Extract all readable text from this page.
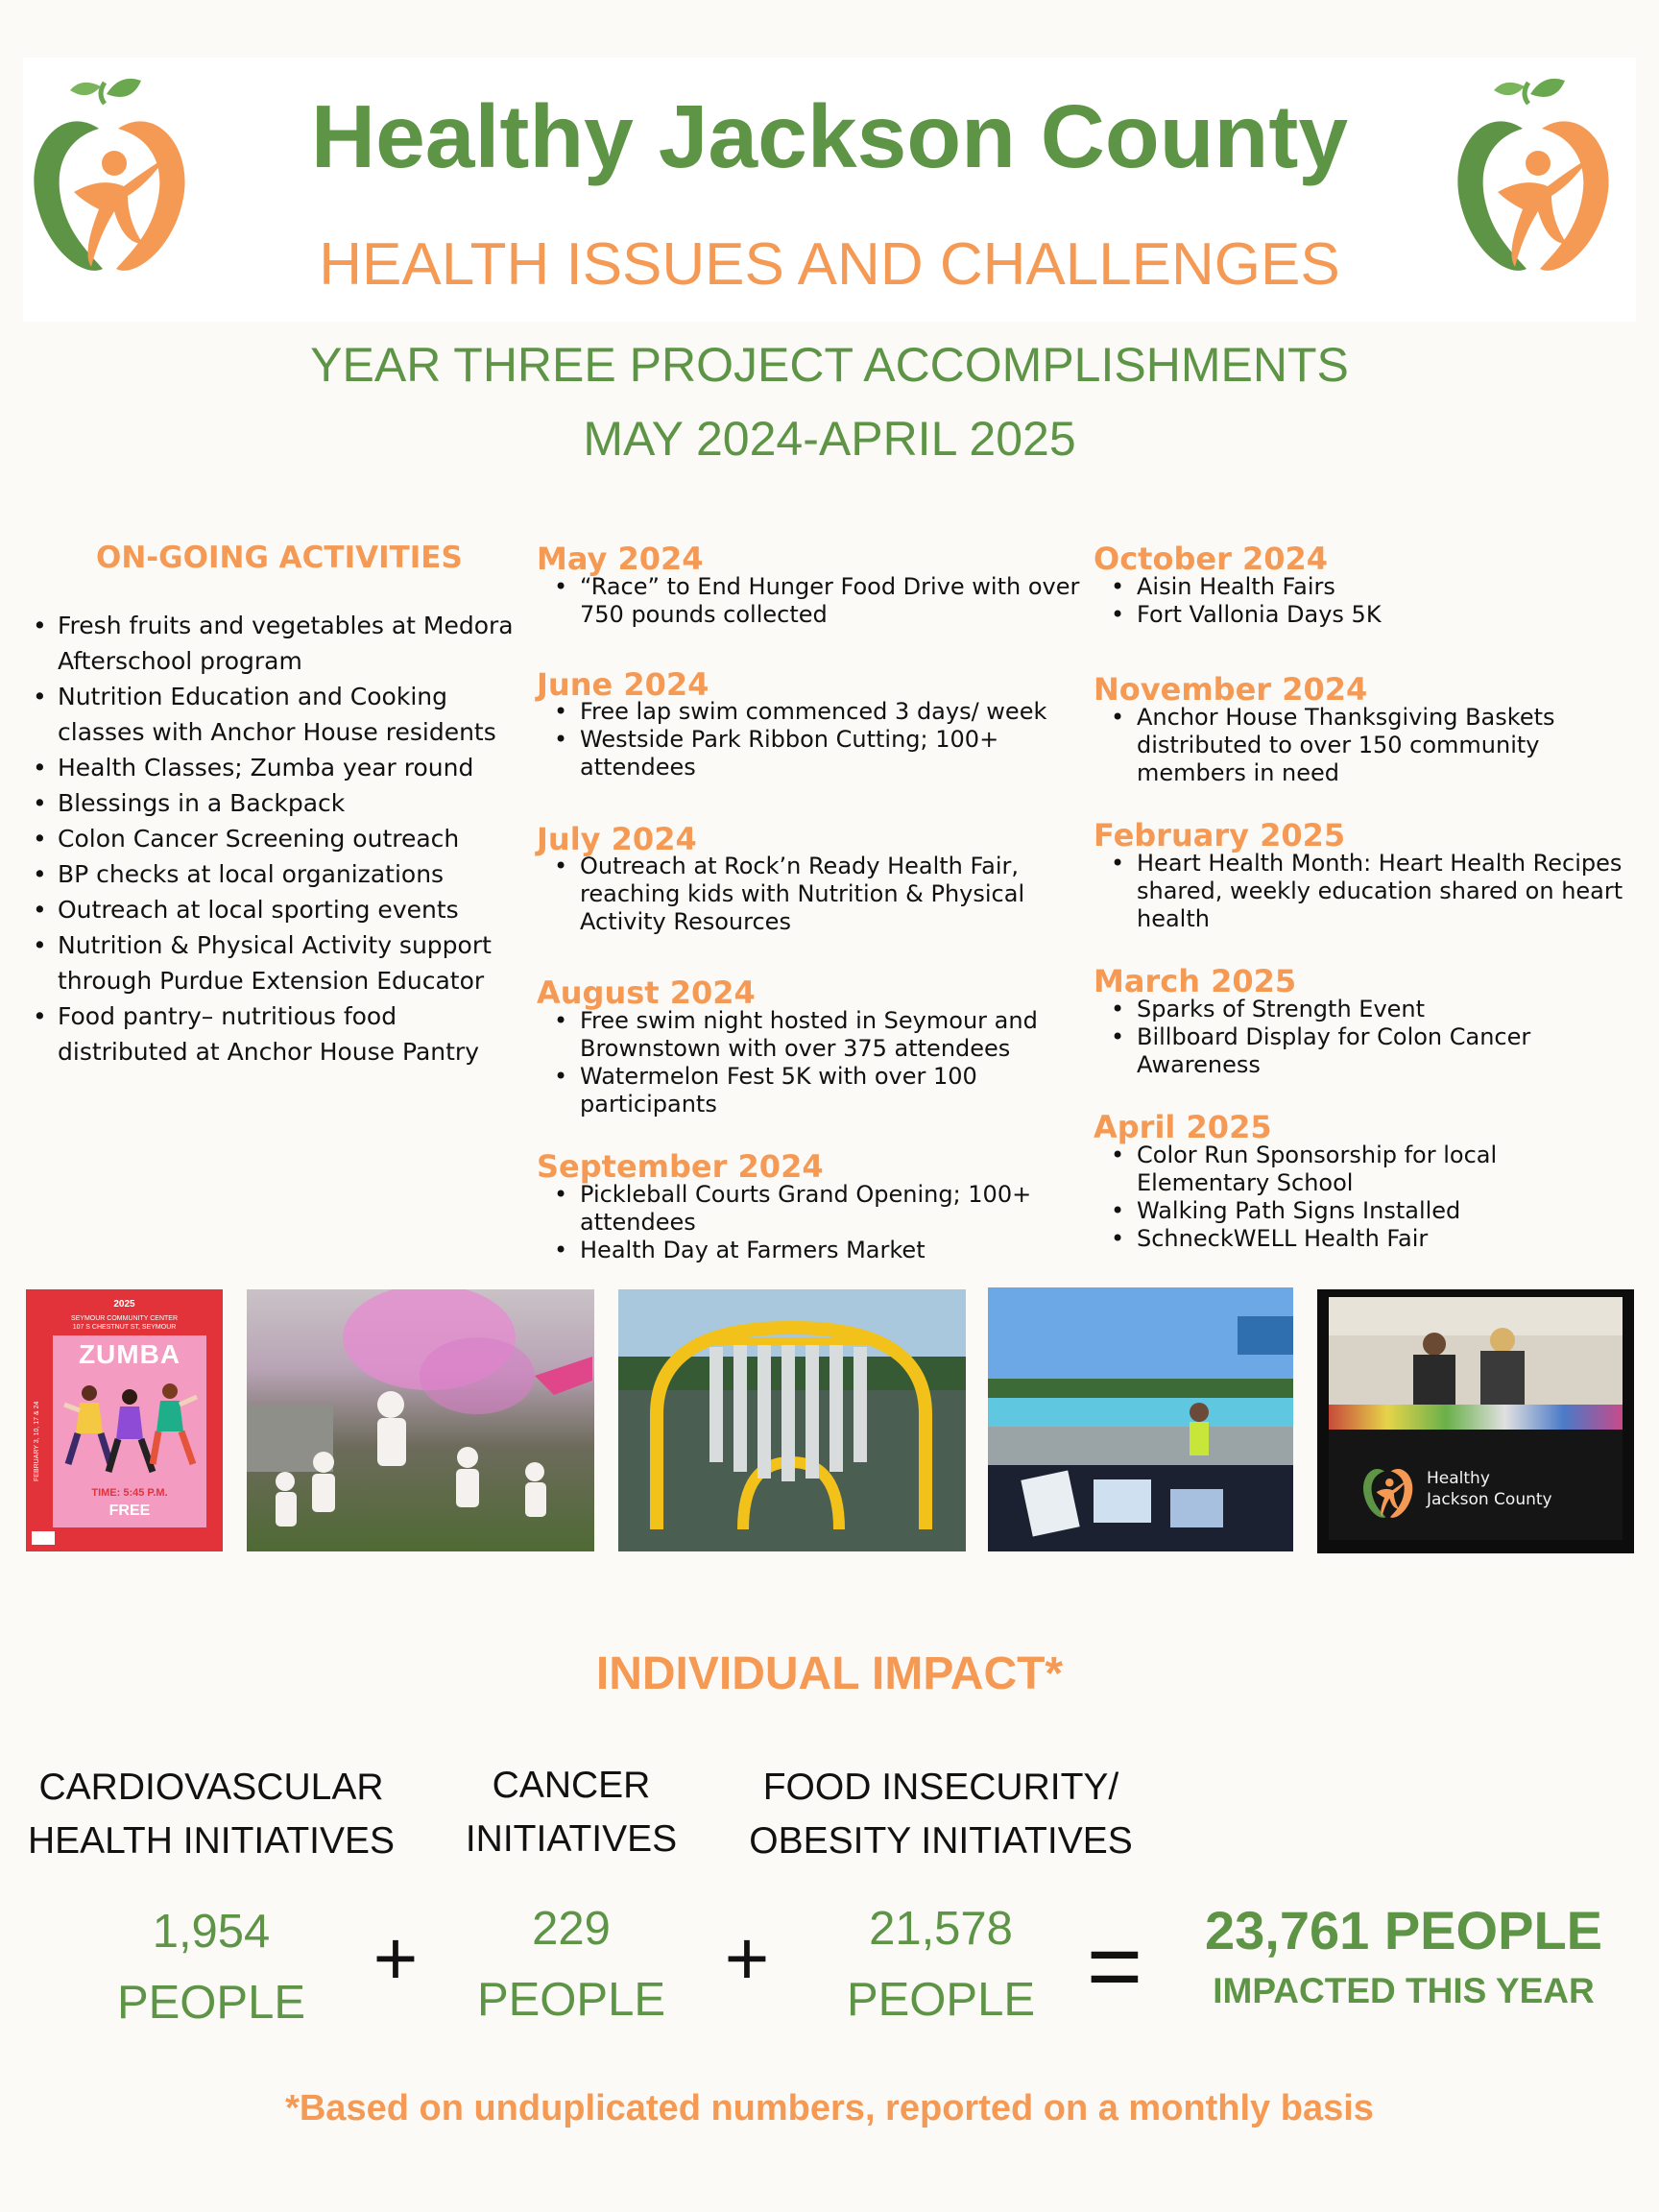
Healthy Jackson County
HEALTH ISSUES AND CHALLENGES
YEAR THREE PROJECT ACCOMPLISHMENTS
MAY 2024-APRIL 2025
ON-GOING ACTIVITIES
• Fresh fruits and vegetables at Medora Afterschool program
• Nutrition Education and Cooking classes with Anchor House residents
• Health Classes; Zumba year round
• Blessings in a Backpack
• Colon Cancer Screening outreach
• BP checks at local organizations
• Outreach at local sporting events
• Nutrition & Physical Activity support through Purdue Extension Educator
• Food pantry– nutritious food distributed at Anchor House Pantry
May 2024
• “Race” to End Hunger Food Drive with over 750 pounds collected
June 2024
• Free lap swim commenced 3 days/ week
• Westside Park Ribbon Cutting; 100+ attendees
July 2024
• Outreach at Rock’n Ready Health Fair, reaching kids with Nutrition & Physical Activity Resources
August 2024
• Free swim night hosted in Seymour and Brownstown with over 375 attendees
• Watermelon Fest 5K with over 100 participants
September 2024
• Pickleball Courts Grand Opening; 100+ attendees
• Health Day at Farmers Market
October 2024
• Aisin Health Fairs
• Fort Vallonia Days 5K
November 2024
• Anchor House Thanksgiving Baskets distributed to over 150 community members in need
February 2025
• Heart Health Month: Heart Health Recipes shared, weekly education shared on heart health
March 2025
• Sparks of Strength Event
• Billboard Display for Colon Cancer Awareness
April 2025
• Color Run Sponsorship for local Elementary School
• Walking Path Signs Installed
• SchneckWELL Health Fair
2025
SEYMOUR COMMUNITY CENTER
107 S CHESTNUT ST, SEYMOUR
ZUMBA
FEBRUARY 3, 10, 17 & 24
TIME: 5:45 P.M.
FREE
Healthy
Jackson County
INDIVIDUAL IMPACT*
CARDIOVASCULAR
HEALTH INITIATIVES
CANCER
INITIATIVES
FOOD INSECURITY/
OBESITY INITIATIVES
1,954
PEOPLE
+	229
PEOPLE +	21,578
PEOPLE =	23,761 PEOPLE
IMPACTED THIS YEAR
*Based on unduplicated numbers, reported on a monthly basis
